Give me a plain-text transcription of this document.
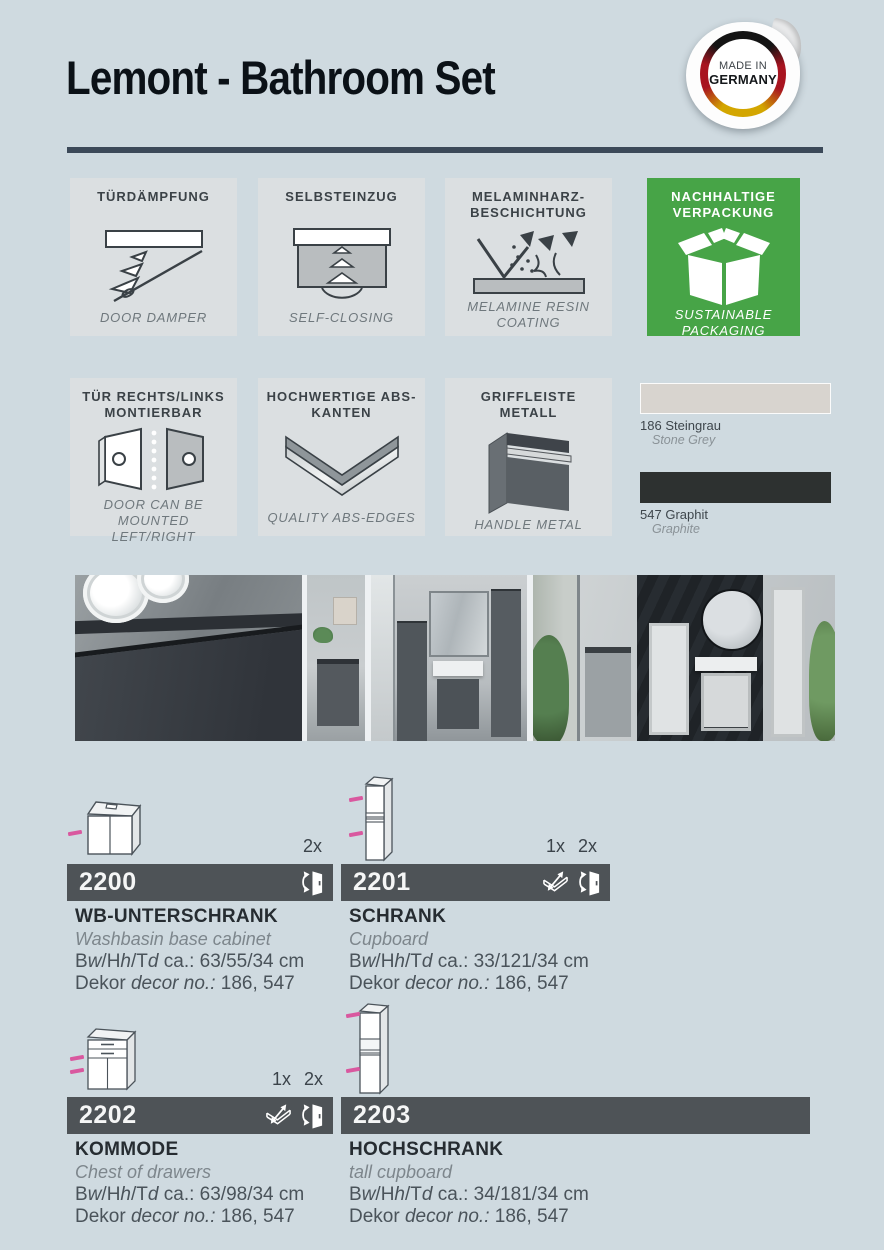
Lemont - Bathroom Set	MADE IN
GERMANY
TÜRDÄMPFUNG
DOOR DAMPER
SELBSTEINZUG
SELF-CLOSING
MELAMINHARZ-BESCHICHTUNG
MELAMINE RESIN COATING
NACHHALTIGE VERPACKUNG
SUSTAINABLE PACKAGING
TÜR RECHTS/LINKS MONTIERBAR
DOOR CAN BE MOUNTED LEFT/RIGHT
HOCHWERTIGE ABS-KANTEN
QUALITY ABS-EDGES
GRIFFLEISTE METALL
HANDLE METAL
186 Steingrau
Stone Grey
547 Graphit
Graphite
2x
2200
WB-UNTERSCHRANK
Washbasin base cabinet
Bw/Hh/Td ca.: 63/55/34 cm
Dekor decor no.: 186, 547
1x 2x
2201
SCHRANK
Cupboard
Bw/Hh/Td ca.: 33/121/34 cm
Dekor decor no.: 186, 547
1x 2x
2202
KOMMODE
Chest of drawers
Bw/Hh/Td ca.: 63/98/34 cm
Dekor decor no.: 186, 547
2203
HOCHSCHRANK
tall cupboard
Bw/Hh/Td ca.: 34/181/34 cm
Dekor decor no.: 186, 547
